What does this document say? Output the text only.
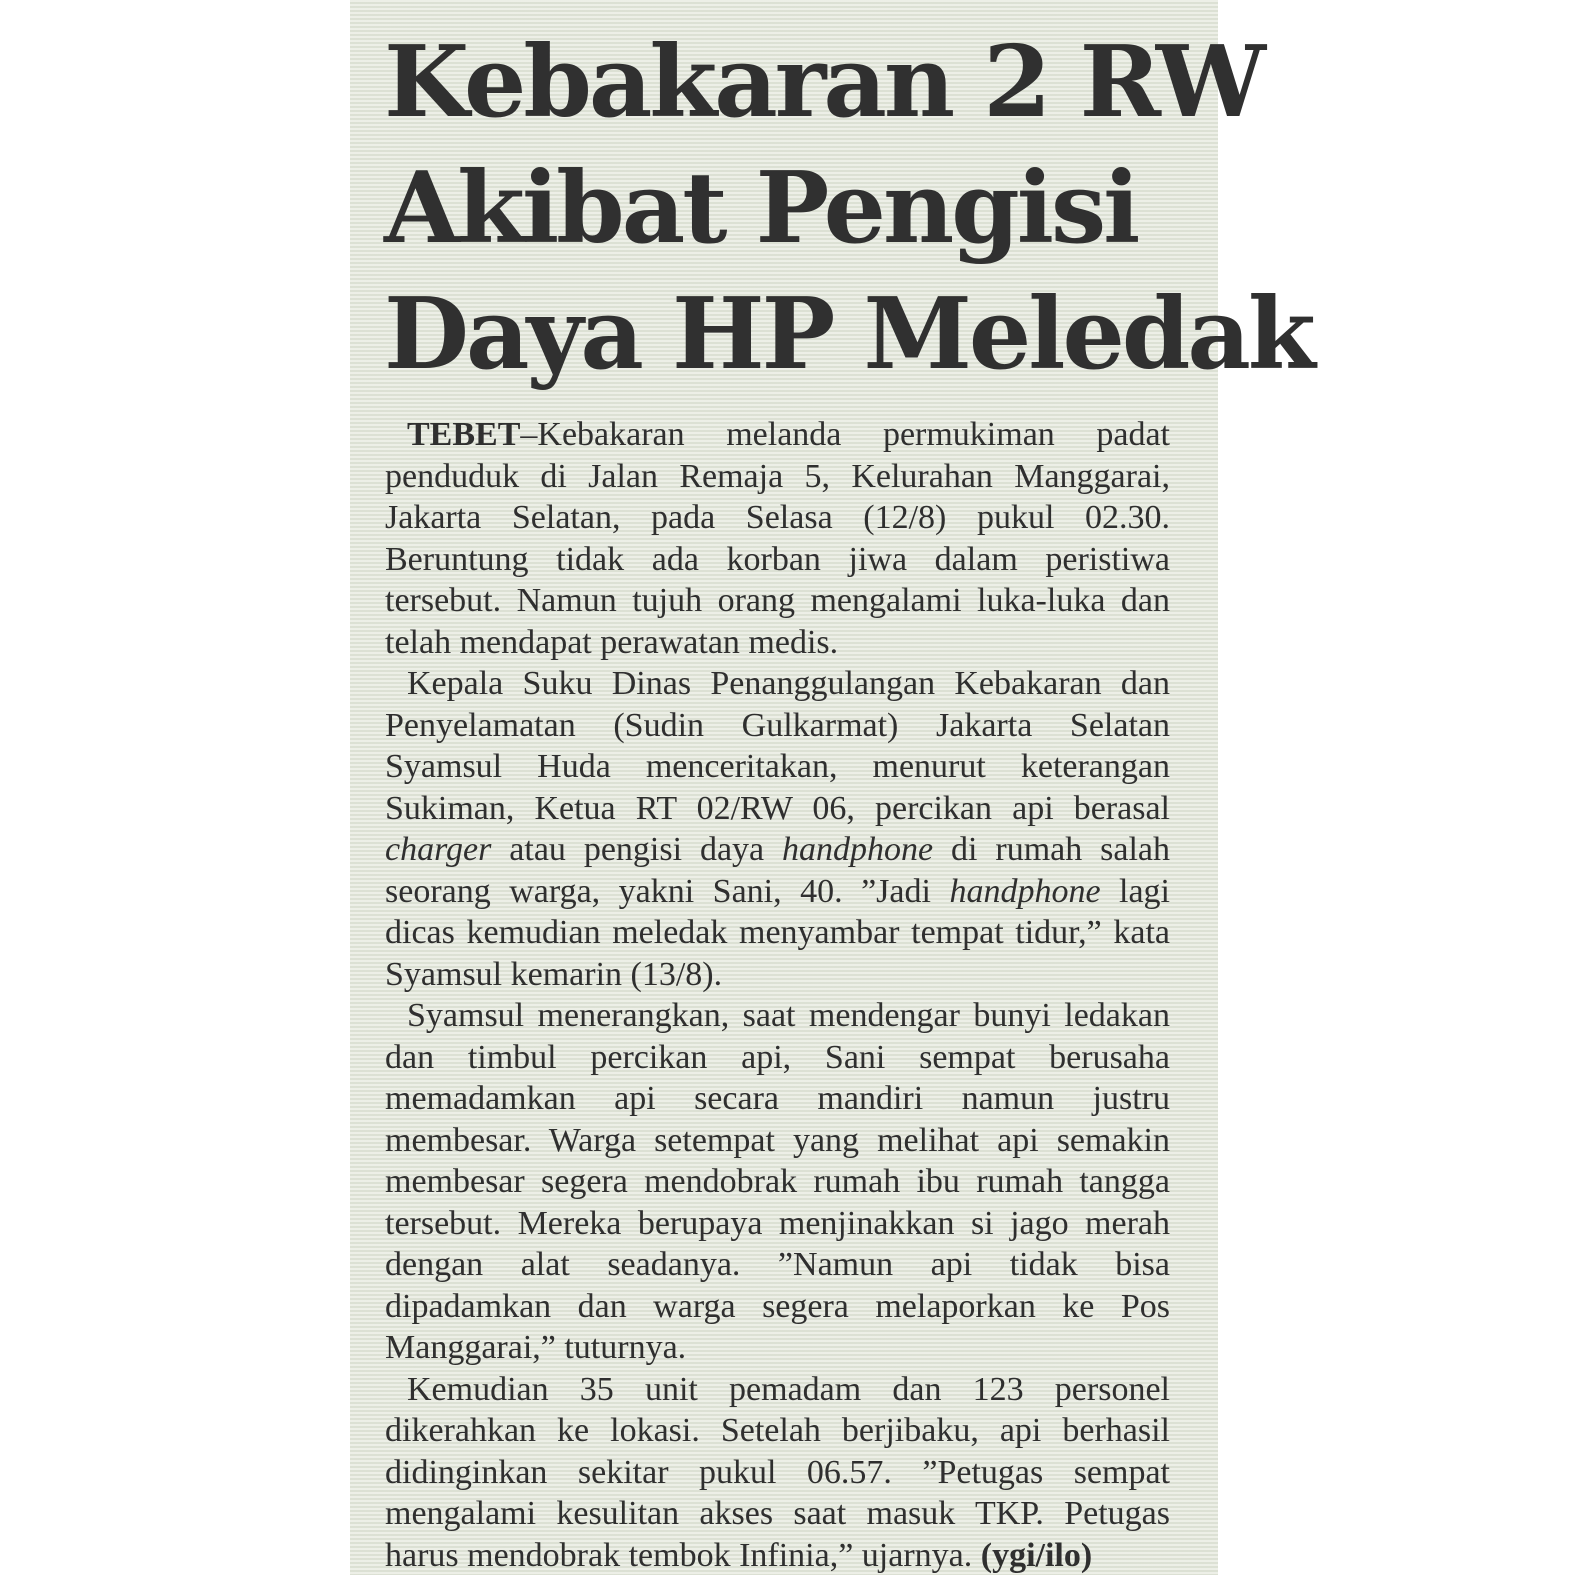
Kebakaran 2 RW
Akibat Pengisi
Daya HP Meledak

TEBET–Kebakaran melanda permukiman padat penduduk di Jalan Remaja 5, Kelurahan Manggarai, Jakarta Selatan, pada Selasa (12/8) pukul 02.30. Beruntung tidak ada korban jiwa dalam peristiwa tersebut. Namun tujuh orang mengalami luka-luka dan telah mendapat perawatan medis.

Kepala Suku Dinas Penanggulangan Kebakaran dan Penyelamatan (Sudin Gulkarmat) Jakarta Selatan Syamsul Huda menceritakan, menurut keterangan Sukiman, Ketua RT 02/RW 06, percikan api berasal charger atau pengisi daya handphone di rumah salah seorang warga, yakni Sani, 40. ”Jadi handphone lagi dicas kemudian meledak menyambar tempat tidur,” kata Syamsul kemarin (13/8).

Syamsul menerangkan, saat mendengar bunyi ledakan dan timbul percikan api, Sani sempat berusaha memadamkan api secara mandiri namun justru membesar. Warga setempat yang melihat api semakin membesar segera mendobrak rumah ibu rumah tangga tersebut. Mereka berupaya menjinakkan si jago merah dengan alat seadanya. ”Namun api tidak bisa dipadamkan dan warga segera melaporkan ke Pos Manggarai,” tuturnya.

Kemudian 35 unit pemadam dan 123 personel dikerahkan ke lokasi. Setelah berjibaku, api berhasil didinginkan sekitar pukul 06.57. ”Petugas sempat mengalami kesulitan akses saat masuk TKP. Petugas harus mendobrak tembok Infinia,” ujarnya. (ygi/ilo)
